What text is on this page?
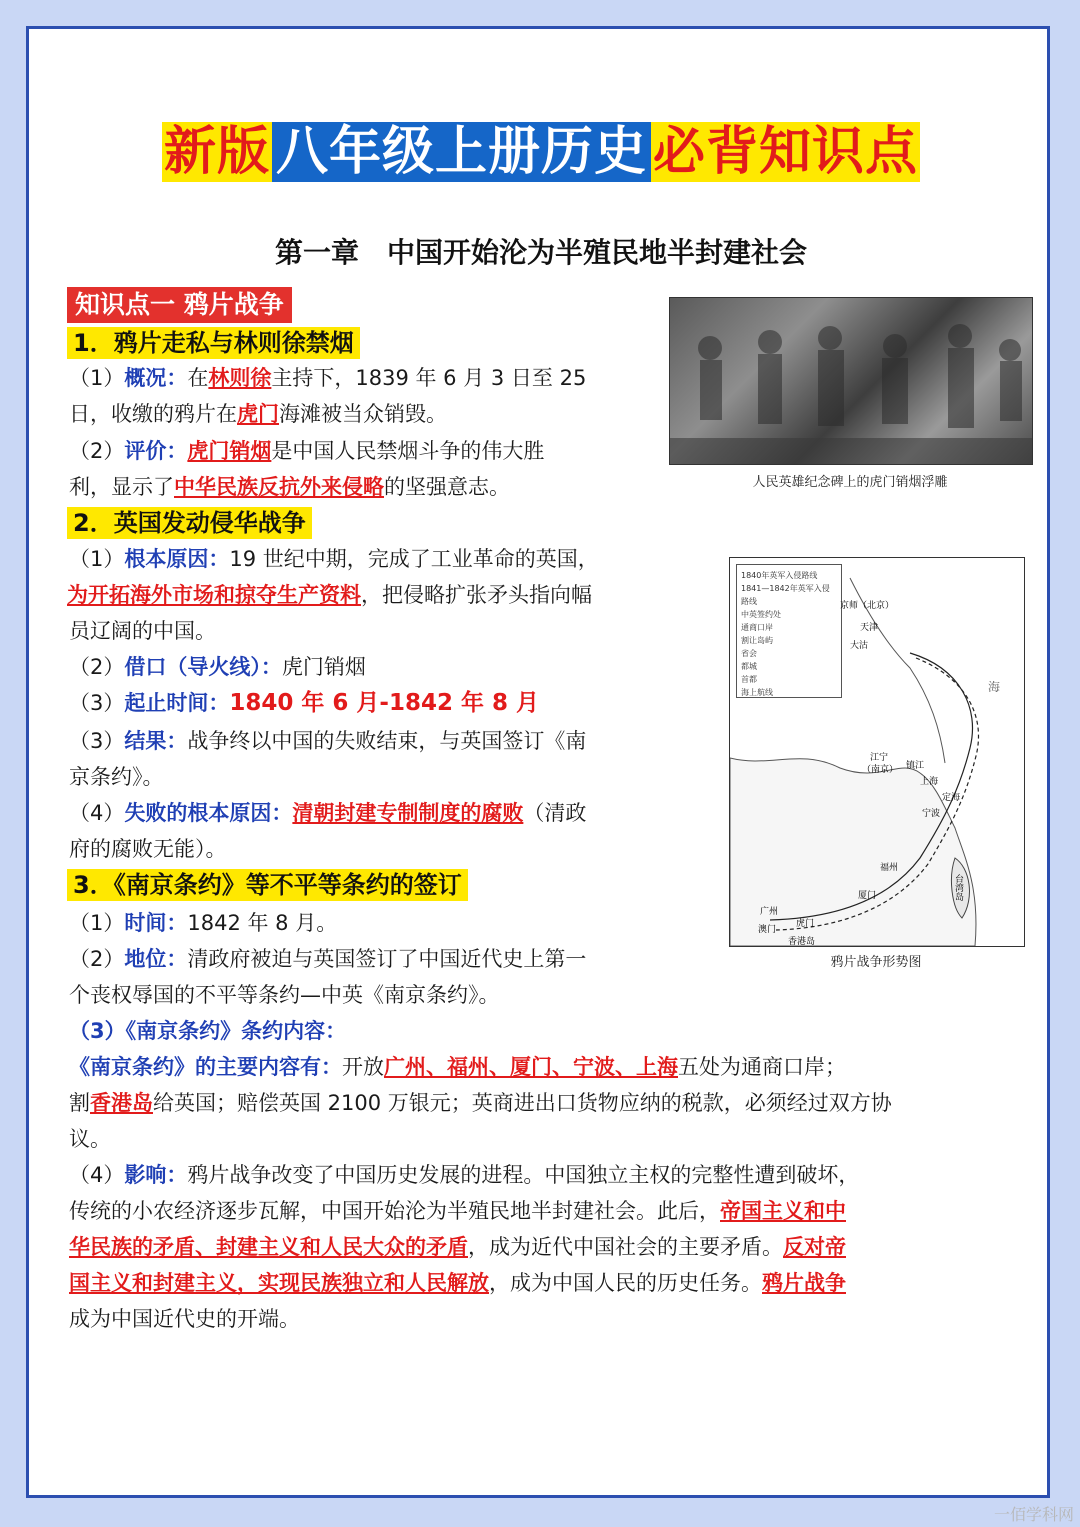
新版 八年级上册历史 必背知识点
第一章　中国开始沦为半殖民地半封建社会
知识点一 鸦片战争
1．鸦片走私与林则徐禁烟
（1）概况：在林则徐主持下，1839 年 6 月 3 日至 25
日，收缴的鸦片在虎门海滩被当众销毁。
（2）评价：虎门销烟是中国人民禁烟斗争的伟大胜
利，显示了中华民族反抗外来侵略的坚强意志。	人民英雄纪念碑上的虎门销烟浮雕
2．英国发动侵华战争
（1）根本原因：19 世纪中期，完成了工业革命的英国，
为开拓海外市场和掠夺生产资料，把侵略扩张矛头指向幅
员辽阔的中国。
（2）借口（导火线）：虎门销烟
（3）起止时间：1840 年 6 月-1842 年 8 月
（3）结果：战争终以中国的失败结束，与英国签订《南
京条约》。
（4）失败的根本原因：清朝封建专制制度的腐败（清政
府的腐败无能）。
1840年英军入侵路线
1841—1842年英军入侵路线
中英签约处
通商口岸
割让岛屿
省会
都城
首都
海上航线
京师（北京）
天津
大沽
江宁
（南京） 镇江
上海
定海
宁波
福州
厦门	台湾岛
广州
虎门
澳门
香港岛
海
鸦片战争形势图
3．《南京条约》等不平等条约的签订
（1）时间：1842 年 8 月。
（2）地位：清政府被迫与英国签订了中国近代史上第一
个丧权辱国的不平等条约—中英《南京条约》。
（3）《南京条约》条约内容：
《南京条约》的主要内容有：开放广州、福州、厦门、宁波、上海五处为通商口岸；
割香港岛给英国；赔偿英国 2100 万银元；英商进出口货物应纳的税款，必须经过双方协
议。
（4）影响：鸦片战争改变了中国历史发展的进程。中国独立主权的完整性遭到破坏，
传统的小农经济逐步瓦解，中国开始沦为半殖民地半封建社会。此后，帝国主义和中
华民族的矛盾、封建主义和人民大众的矛盾，成为近代中国社会的主要矛盾。反对帝
国主义和封建主义，实现民族独立和人民解放，成为中国人民的历史任务。鸦片战争
成为中国近代史的开端。
一佰学科网
